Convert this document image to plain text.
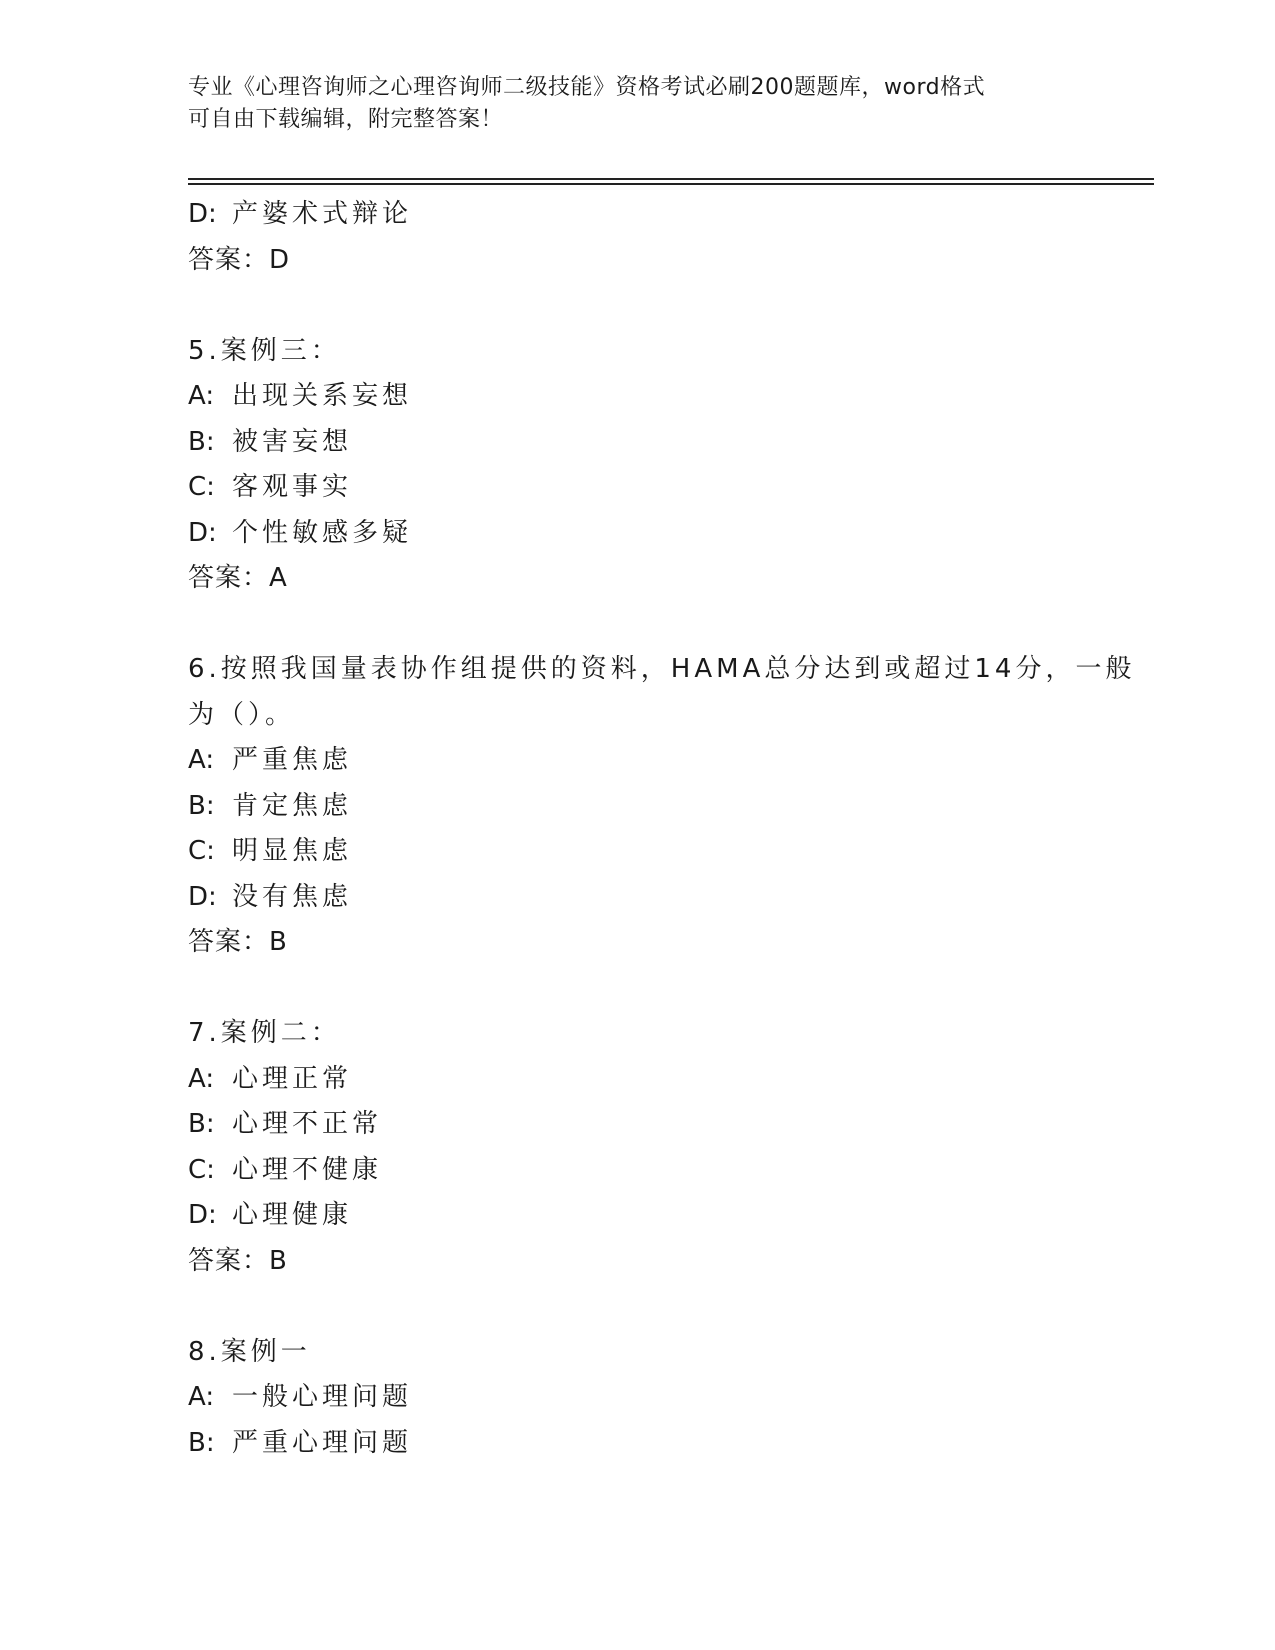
专业《心理咨询师之心理咨询师二级技能》资格考试必刷200题题库，word格式
可自由下载编辑，附完整答案！
D: 产婆术式辩论
答案：D
5.案例三：
A: 出现关系妄想
B: 被害妄想
C: 客观事实
D: 个性敏感多疑
答案：A
6.按照我国量表协作组提供的资料，HAMA总分达到或超过14分，一般
为（）。
A: 严重焦虑
B: 肯定焦虑
C: 明显焦虑
D: 没有焦虑
答案：B
7.案例二：
A: 心理正常
B: 心理不正常
C: 心理不健康
D: 心理健康
答案：B
8.案例一
A: 一般心理问题
B: 严重心理问题
